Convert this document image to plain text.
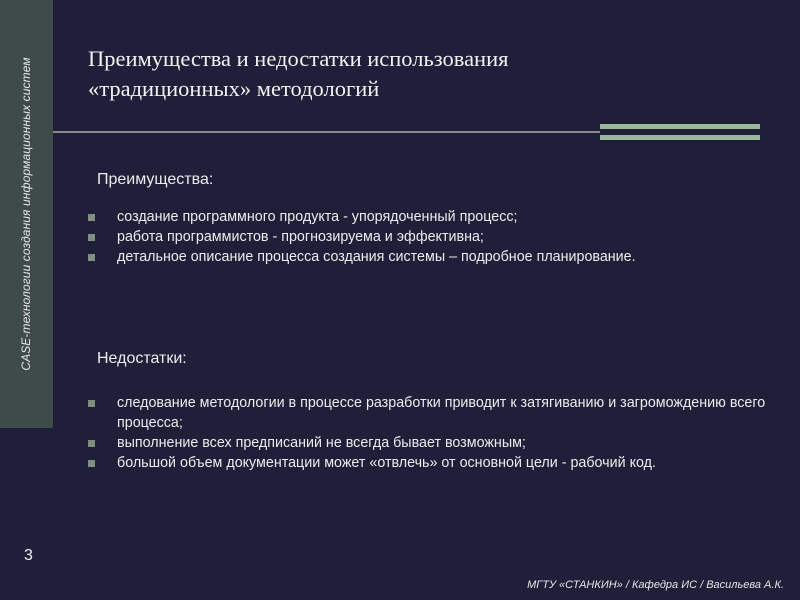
CASE-технологии создания информационных систем Преимущества и недостатки использования
«традиционных» методологий
Преимущества:
создание программного продукта - упорядоченный процесс;
работа программистов - прогнозируема и эффективна;
детальное описание процесса создания системы – подробное планирование.
Недостатки:
следование методологии в процессе разработки приводит к затягиванию и загромождению всего процесса;
выполнение всех предписаний не всегда бывает возможным;
большой объем документации может «отвлечь» от основной цели - рабочий код.
3
МГТУ «СТАНКИН» / Кафедра ИС / Васильева А.К.
